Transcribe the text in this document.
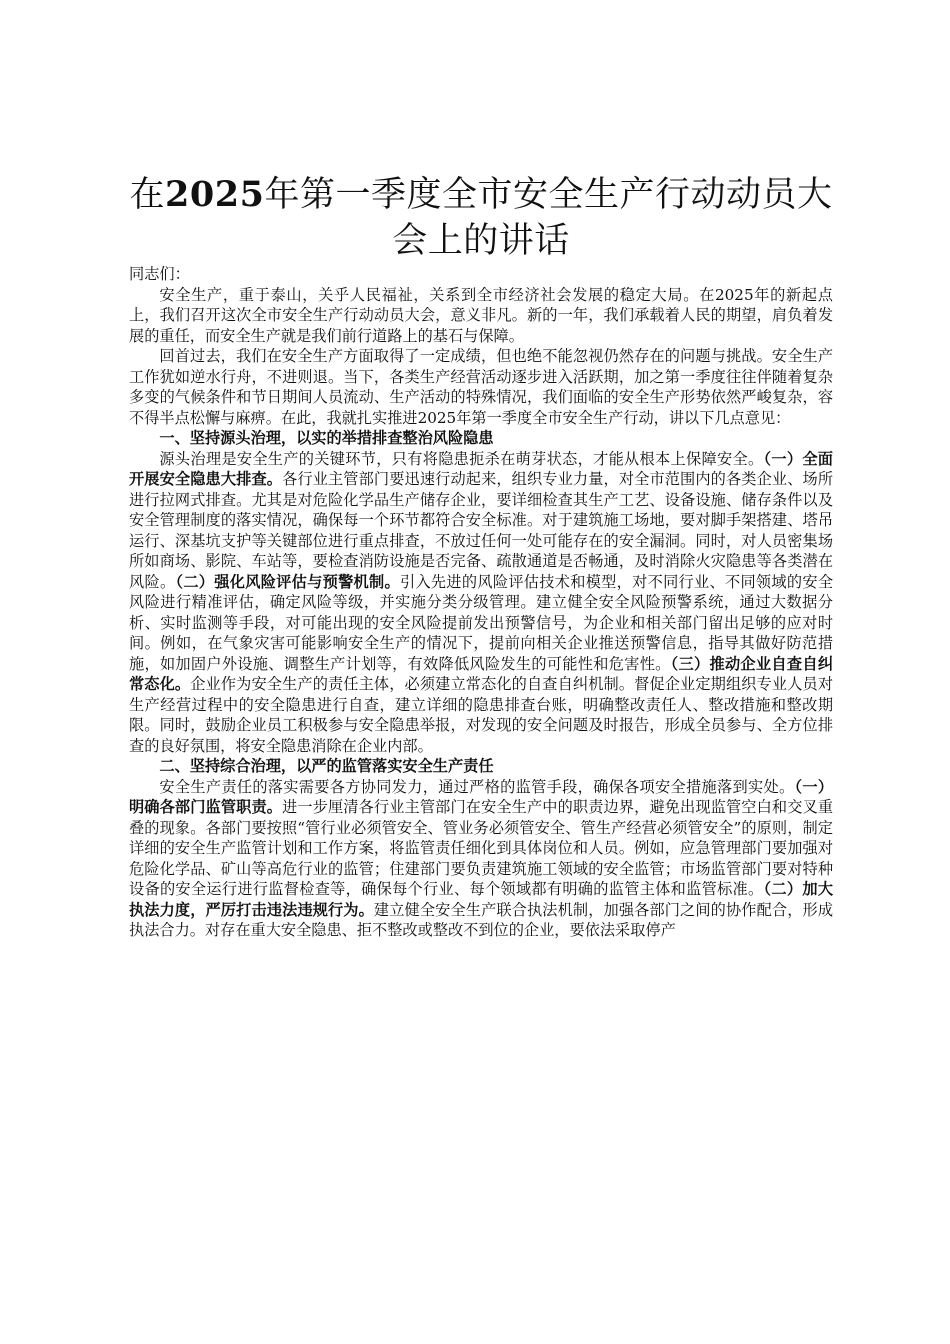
在2025年第一季度全市安全生产行动动员大会上的讲话

同志们：

安全生产，重于泰山，关乎人民福祉，关系到全市经济社会发展的稳定大局。在2025年的新起点上，我们召开这次全市安全生产行动动员大会，意义非凡。新的一年，我们承载着人民的期望，肩负着发展的重任，而安全生产就是我们前行道路上的基石与保障。

回首过去，我们在安全生产方面取得了一定成绩，但也绝不能忽视仍然存在的问题与挑战。安全生产工作犹如逆水行舟，不进则退。当下，各类生产经营活动逐步进入活跃期，加之第一季度往往伴随着复杂多变的气候条件和节日期间人员流动、生产活动的特殊情况，我们面临的安全生产形势依然严峻复杂，容不得半点松懈与麻痹。在此，我就扎实推进2025年第一季度全市安全生产行动，讲以下几点意见：

一、坚持源头治理，以实的举措排查整治风险隐患

源头治理是安全生产的关键环节，只有将隐患扼杀在萌芽状态，才能从根本上保障安全。（一）全面开展安全隐患大排查。各行业主管部门要迅速行动起来，组织专业力量，对全市范围内的各类企业、场所进行拉网式排查。尤其是对危险化学品生产储存企业，要详细检查其生产工艺、设备设施、储存条件以及安全管理制度的落实情况，确保每一个环节都符合安全标准。对于建筑施工场地，要对脚手架搭建、塔吊运行、深基坑支护等关键部位进行重点排查，不放过任何一处可能存在的安全漏洞。同时，对人员密集场所如商场、影院、车站等，要检查消防设施是否完备、疏散通道是否畅通，及时消除火灾隐患等各类潜在风险。（二）强化风险评估与预警机制。引入先进的风险评估技术和模型，对不同行业、不同领域的安全风险进行精准评估，确定风险等级，并实施分类分级管理。建立健全安全风险预警系统，通过大数据分析、实时监测等手段，对可能出现的安全风险提前发出预警信号，为企业和相关部门留出足够的应对时间。例如，在气象灾害可能影响安全生产的情况下，提前向相关企业推送预警信息，指导其做好防范措施，如加固户外设施、调整生产计划等，有效降低风险发生的可能性和危害性。（三）推动企业自查自纠常态化。企业作为安全生产的责任主体，必须建立常态化的自查自纠机制。督促企业定期组织专业人员对生产经营过程中的安全隐患进行自查，建立详细的隐患排查台账，明确整改责任人、整改措施和整改期限。同时，鼓励企业员工积极参与安全隐患举报，对发现的安全问题及时报告，形成全员参与、全方位排查的良好氛围，将安全隐患消除在企业内部。

二、坚持综合治理，以严的监管落实安全生产责任

安全生产责任的落实需要各方协同发力，通过严格的监管手段，确保各项安全措施落到实处。（一）明确各部门监管职责。进一步厘清各行业主管部门在安全生产中的职责边界，避免出现监管空白和交叉重叠的现象。各部门要按照“管行业必须管安全、管业务必须管安全、管生产经营必须管安全”的原则，制定详细的安全生产监管计划和工作方案，将监管责任细化到具体岗位和人员。例如，应急管理部门要加强对危险化学品、矿山等高危行业的监管；住建部门要负责建筑施工领域的安全监管；市场监管部门要对特种设备的安全运行进行监督检查等，确保每个行业、每个领域都有明确的监管主体和监管标准。（二）加大执法力度，严厉打击违法违规行为。建立健全安全生产联合执法机制，加强各部门之间的协作配合，形成执法合力。对存在重大安全隐患、拒不整改或整改不到位的企业，要依法采取停产
